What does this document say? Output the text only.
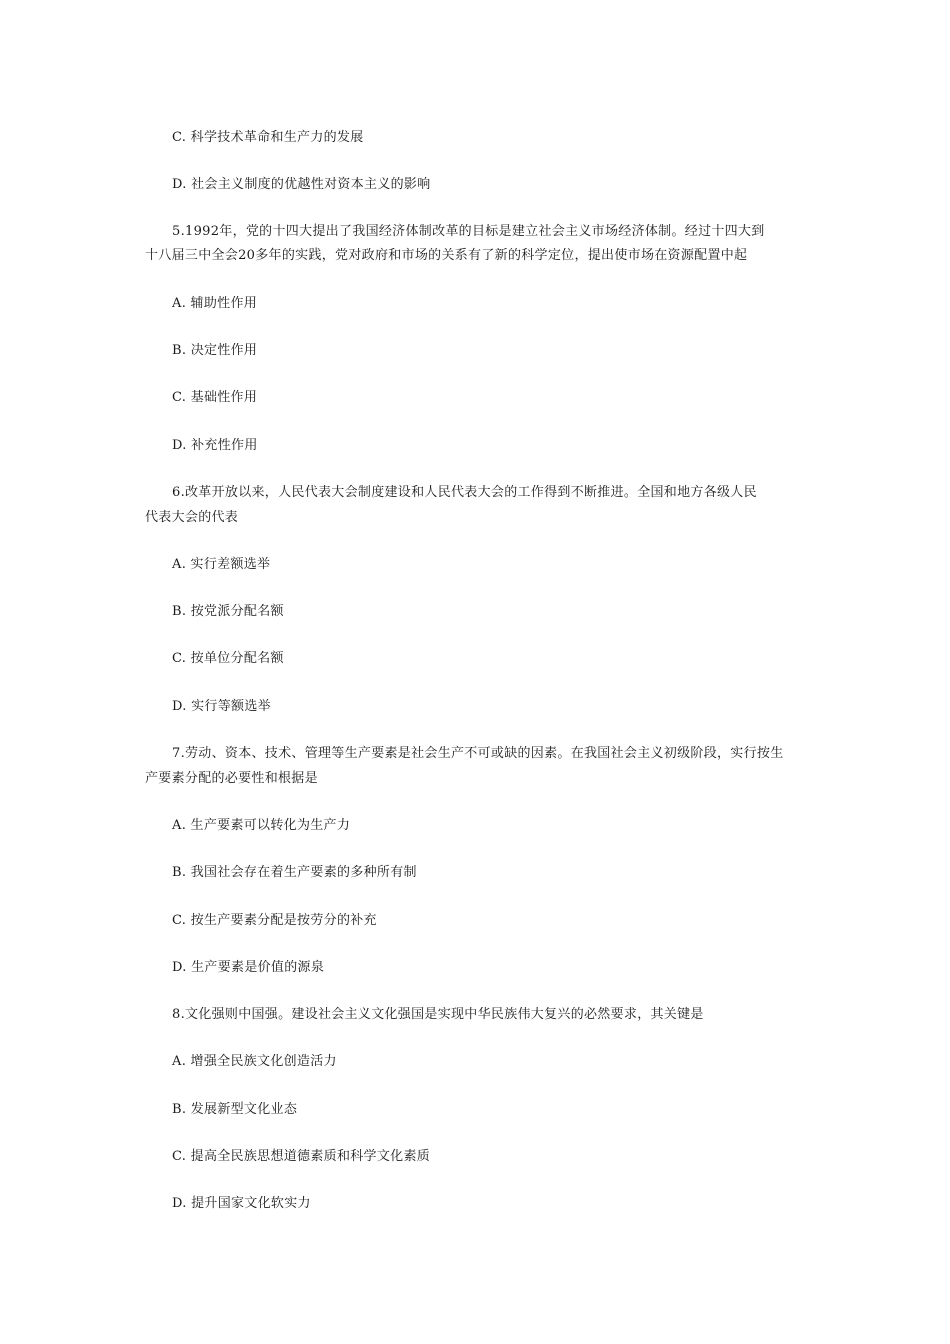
C. 科学技术革命和生产力的发展
D. 社会主义制度的优越性对资本主义的影响
5.1992年，党的十四大提出了我国经济体制改革的目标是建立社会主义市场经济体制。经过十四大到
十八届三中全会20多年的实践，党对政府和市场的关系有了新的科学定位，提出使市场在资源配置中起
A. 辅助性作用
B. 决定性作用
C. 基础性作用
D. 补充性作用
6.改革开放以来，人民代表大会制度建设和人民代表大会的工作得到不断推进。全国和地方各级人民
代表大会的代表
A. 实行差额选举
B. 按党派分配名额
C. 按单位分配名额
D. 实行等额选举
7.劳动、资本、技术、管理等生产要素是社会生产不可或缺的因素。在我国社会主义初级阶段，实行按生
产要素分配的必要性和根据是
A. 生产要素可以转化为生产力
B. 我国社会存在着生产要素的多种所有制
C. 按生产要素分配是按劳分的补充
D. 生产要素是价值的源泉
8.文化强则中国强。建设社会主义文化强国是实现中华民族伟大复兴的必然要求，其关键是
A. 增强全民族文化创造活力
B. 发展新型文化业态
C. 提高全民族思想道德素质和科学文化素质
D. 提升国家文化软实力
